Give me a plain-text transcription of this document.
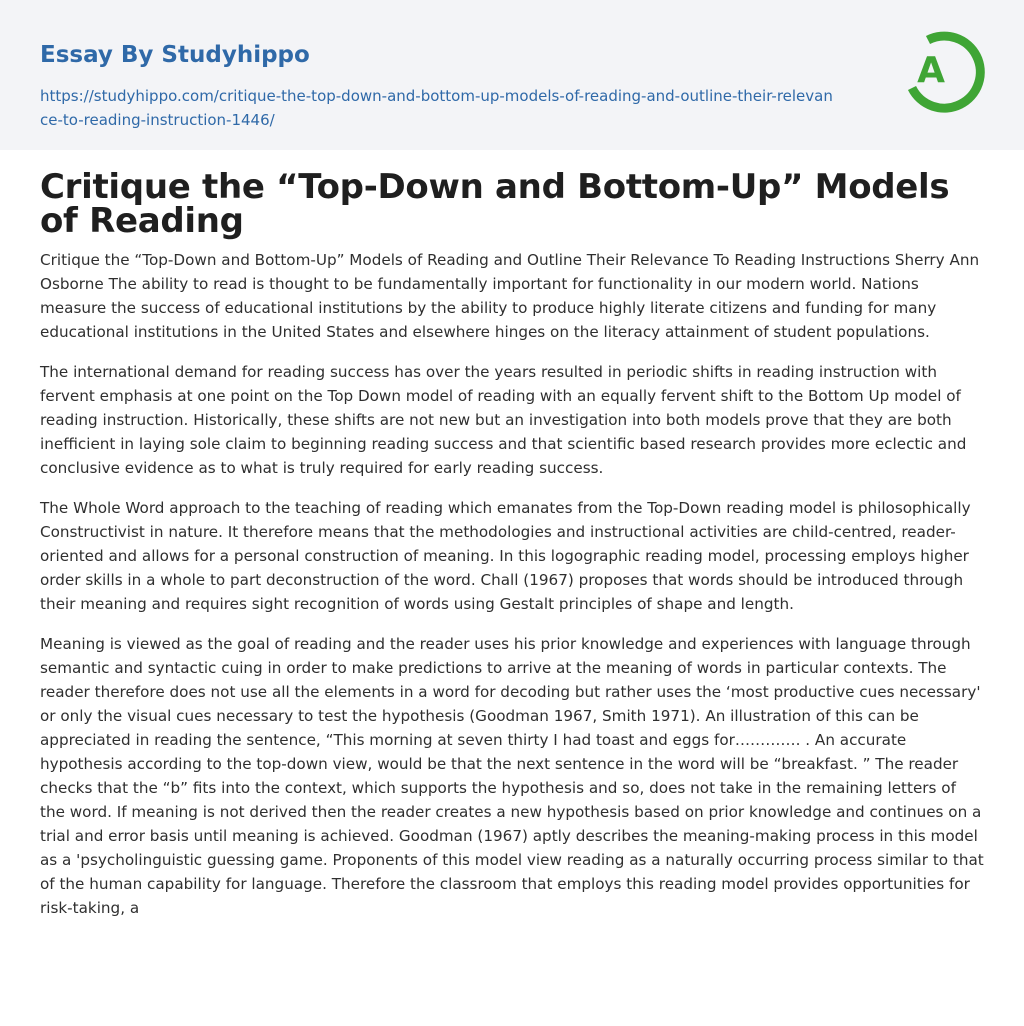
Essay By Studyhippo
https://studyhippo.com/critique-the-top-down-and-bottom-up-models-of-reading-and-outline-their-relevance-to-reading-instruction-1446/
A
Critique the “Top-Down and Bottom-Up” Models of Reading

Critique the “Top-Down and Bottom-Up” Models of Reading and Outline Their Relevance To Reading Instructions Sherry Ann Osborne The ability to read is thought to be fundamentally important for functionality in our modern world. Nations measure the success of educational institutions by the ability to produce highly literate citizens and funding for many educational institutions in the United States and elsewhere hinges on the literacy attainment of student populations.

The international demand for reading success has over the years resulted in periodic shifts in reading instruction with fervent emphasis at one point on the Top Down model of reading with an equally fervent shift to the Bottom Up model of reading instruction. Historically, these shifts are not new but an investigation into both models prove that they are both inefficient in laying sole claim to beginning reading success and that scientific based research provides more eclectic and conclusive evidence as to what is truly required for early reading success.

The Whole Word approach to the teaching of reading which emanates from the Top-Down reading model is philosophically Constructivist in nature. It therefore means that the methodologies and instructional activities are child-centred, reader-oriented and allows for a personal construction of meaning. In this logographic reading model, processing employs higher order skills in a whole to part deconstruction of the word. Chall (1967) proposes that words should be introduced through their meaning and requires sight recognition of words using Gestalt principles of shape and length.

Meaning is viewed as the goal of reading and the reader uses his prior knowledge and experiences with language through semantic and syntactic cuing in order to make predictions to arrive at the meaning of words in particular contexts. The reader therefore does not use all the elements in a word for decoding but rather uses the ‘most productive cues necessary' or only the visual cues necessary to test the hypothesis (Goodman 1967, Smith 1971). An illustration of this can be appreciated in reading the sentence, “This morning at seven thirty I had toast and eggs for…………. . An accurate hypothesis according to the top-down view, would be that the next sentence in the word will be “breakfast. ” The reader checks that the “b” fits into the context, which supports the hypothesis and so, does not take in the remaining letters of the word. If meaning is not derived then the reader creates a new hypothesis based on prior knowledge and continues on a trial and error basis until meaning is achieved. Goodman (1967) aptly describes the meaning-making process in this model as a 'psycholinguistic guessing game. Proponents of this model view reading as a naturally occurring process similar to that of the human capability for language. Therefore the classroom that employs this reading model provides opportunities for risk-taking, a
